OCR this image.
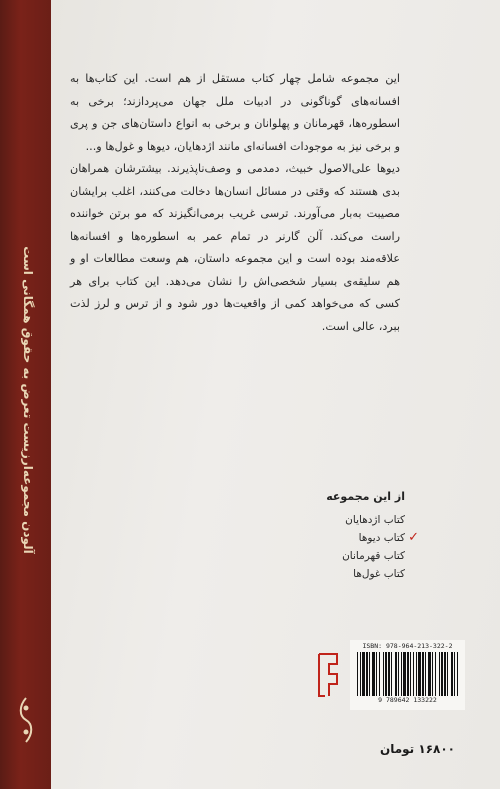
آلودن مجموعه‌ارزیست تعرض به حقوق همگانی است

این مجموعه شامل چهار کتاب مستقل از هم است. این کتاب‌ها به افسانه‌های گوناگونی در ادبیات ملل جهان می‌پردازند؛ برخی به اسطوره‌ها، قهرمانان و پهلوانان و برخی به انواع داستان‌های جن و پری و برخی نیز به موجودات افسانه‌ای مانند اژدهایان، دیوها و غول‌ها و...

دیوها علی‌الاصول خبیث، دمدمی و وصف‌ناپذیرند. بیشترشان همراهان بدی هستند که وقتی در مسائل انسان‌ها دخالت می‌کنند، اغلب برایشان مصیبت به‌بار می‌آورند. ترسی غریب برمی‌انگیزند که مو برتن خواننده راست می‌کند. آلن گارنر در تمام عمر به اسطوره‌ها و افسانه‌ها علاقه‌مند بوده است و این مجموعه داستان، هم وسعت مطالعات او و هم سلیقه‌ی بسیار شخصی‌اش را نشان می‌دهد. این کتاب برای هر کسی که می‌خواهد کمی از واقعیت‌ها دور شود و از ترس و لرز لذت ببرد، عالی است.

از این مجموعه
کتاب اژدهایان
✓
کتاب دیوها
کتاب قهرمانان
کتاب غول‌ها
ISBN: 978-964-213-322-2
9 789642 133222
۱۶۸۰۰ تومان
